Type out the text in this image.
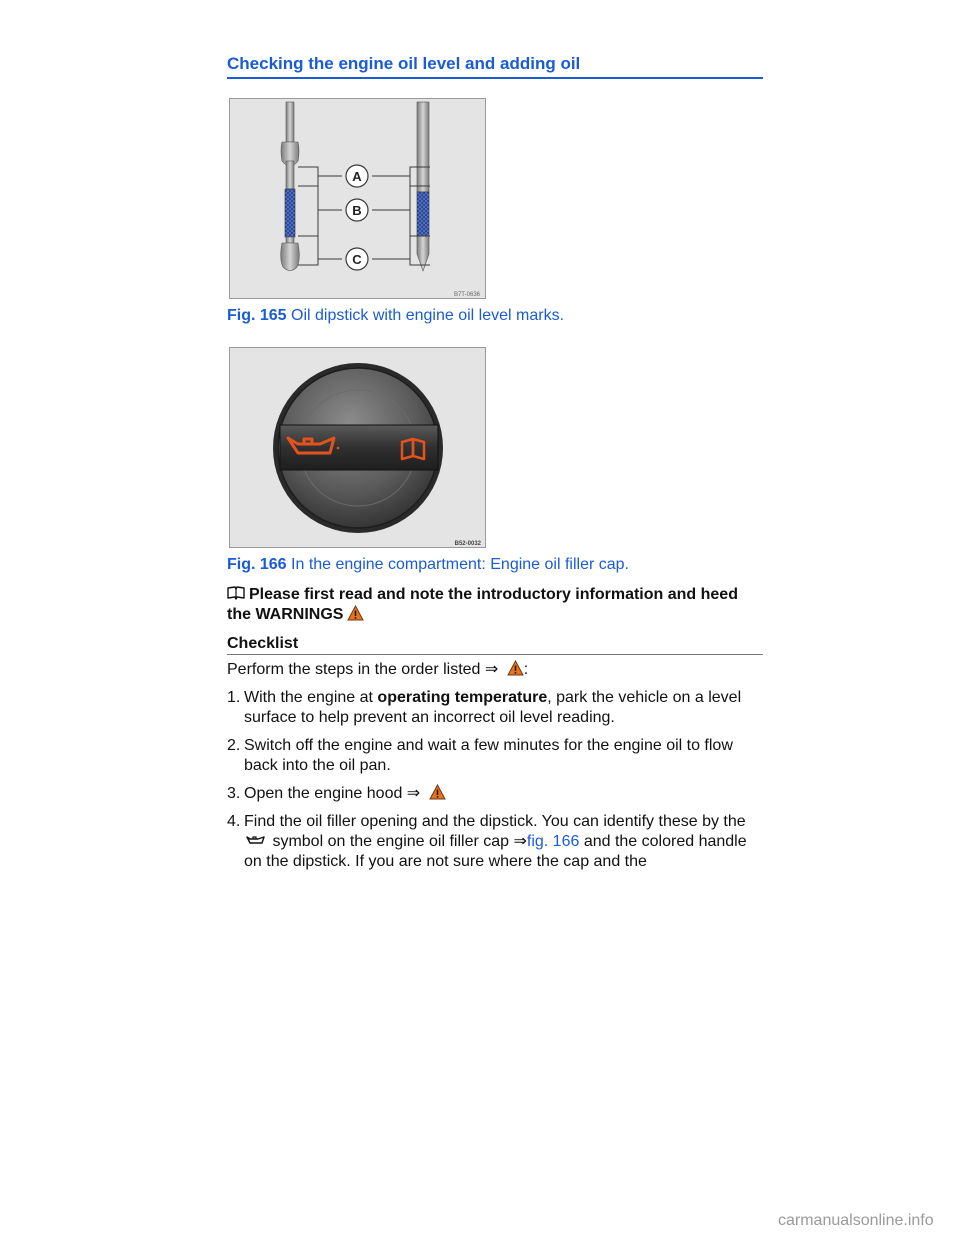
Checking the engine oil level and adding oil
A
B
C
B7T-0636
Fig. 165 Oil dipstick with engine oil level marks.
B52-0032
Fig. 166 In the engine compartment: Engine oil filler cap.
Please first read and note the introductory information and heed the WARNINGS
Checklist
Perform the steps in the order listed ⇒ :
1. With the engine at operating temperature, park the vehicle on a level surface to help prevent an incorrect oil level reading.
2. Switch off the engine and wait a few minutes for the engine oil to flow back into the oil pan.
3. Open the engine hood ⇒
4. Find the oil filler opening and the dipstick. You can identify these by the  symbol on the engine oil filler cap ⇒fig. 166 and the colored handle on the dipstick. If you are not sure where the cap and the
carmanualsonline.info
